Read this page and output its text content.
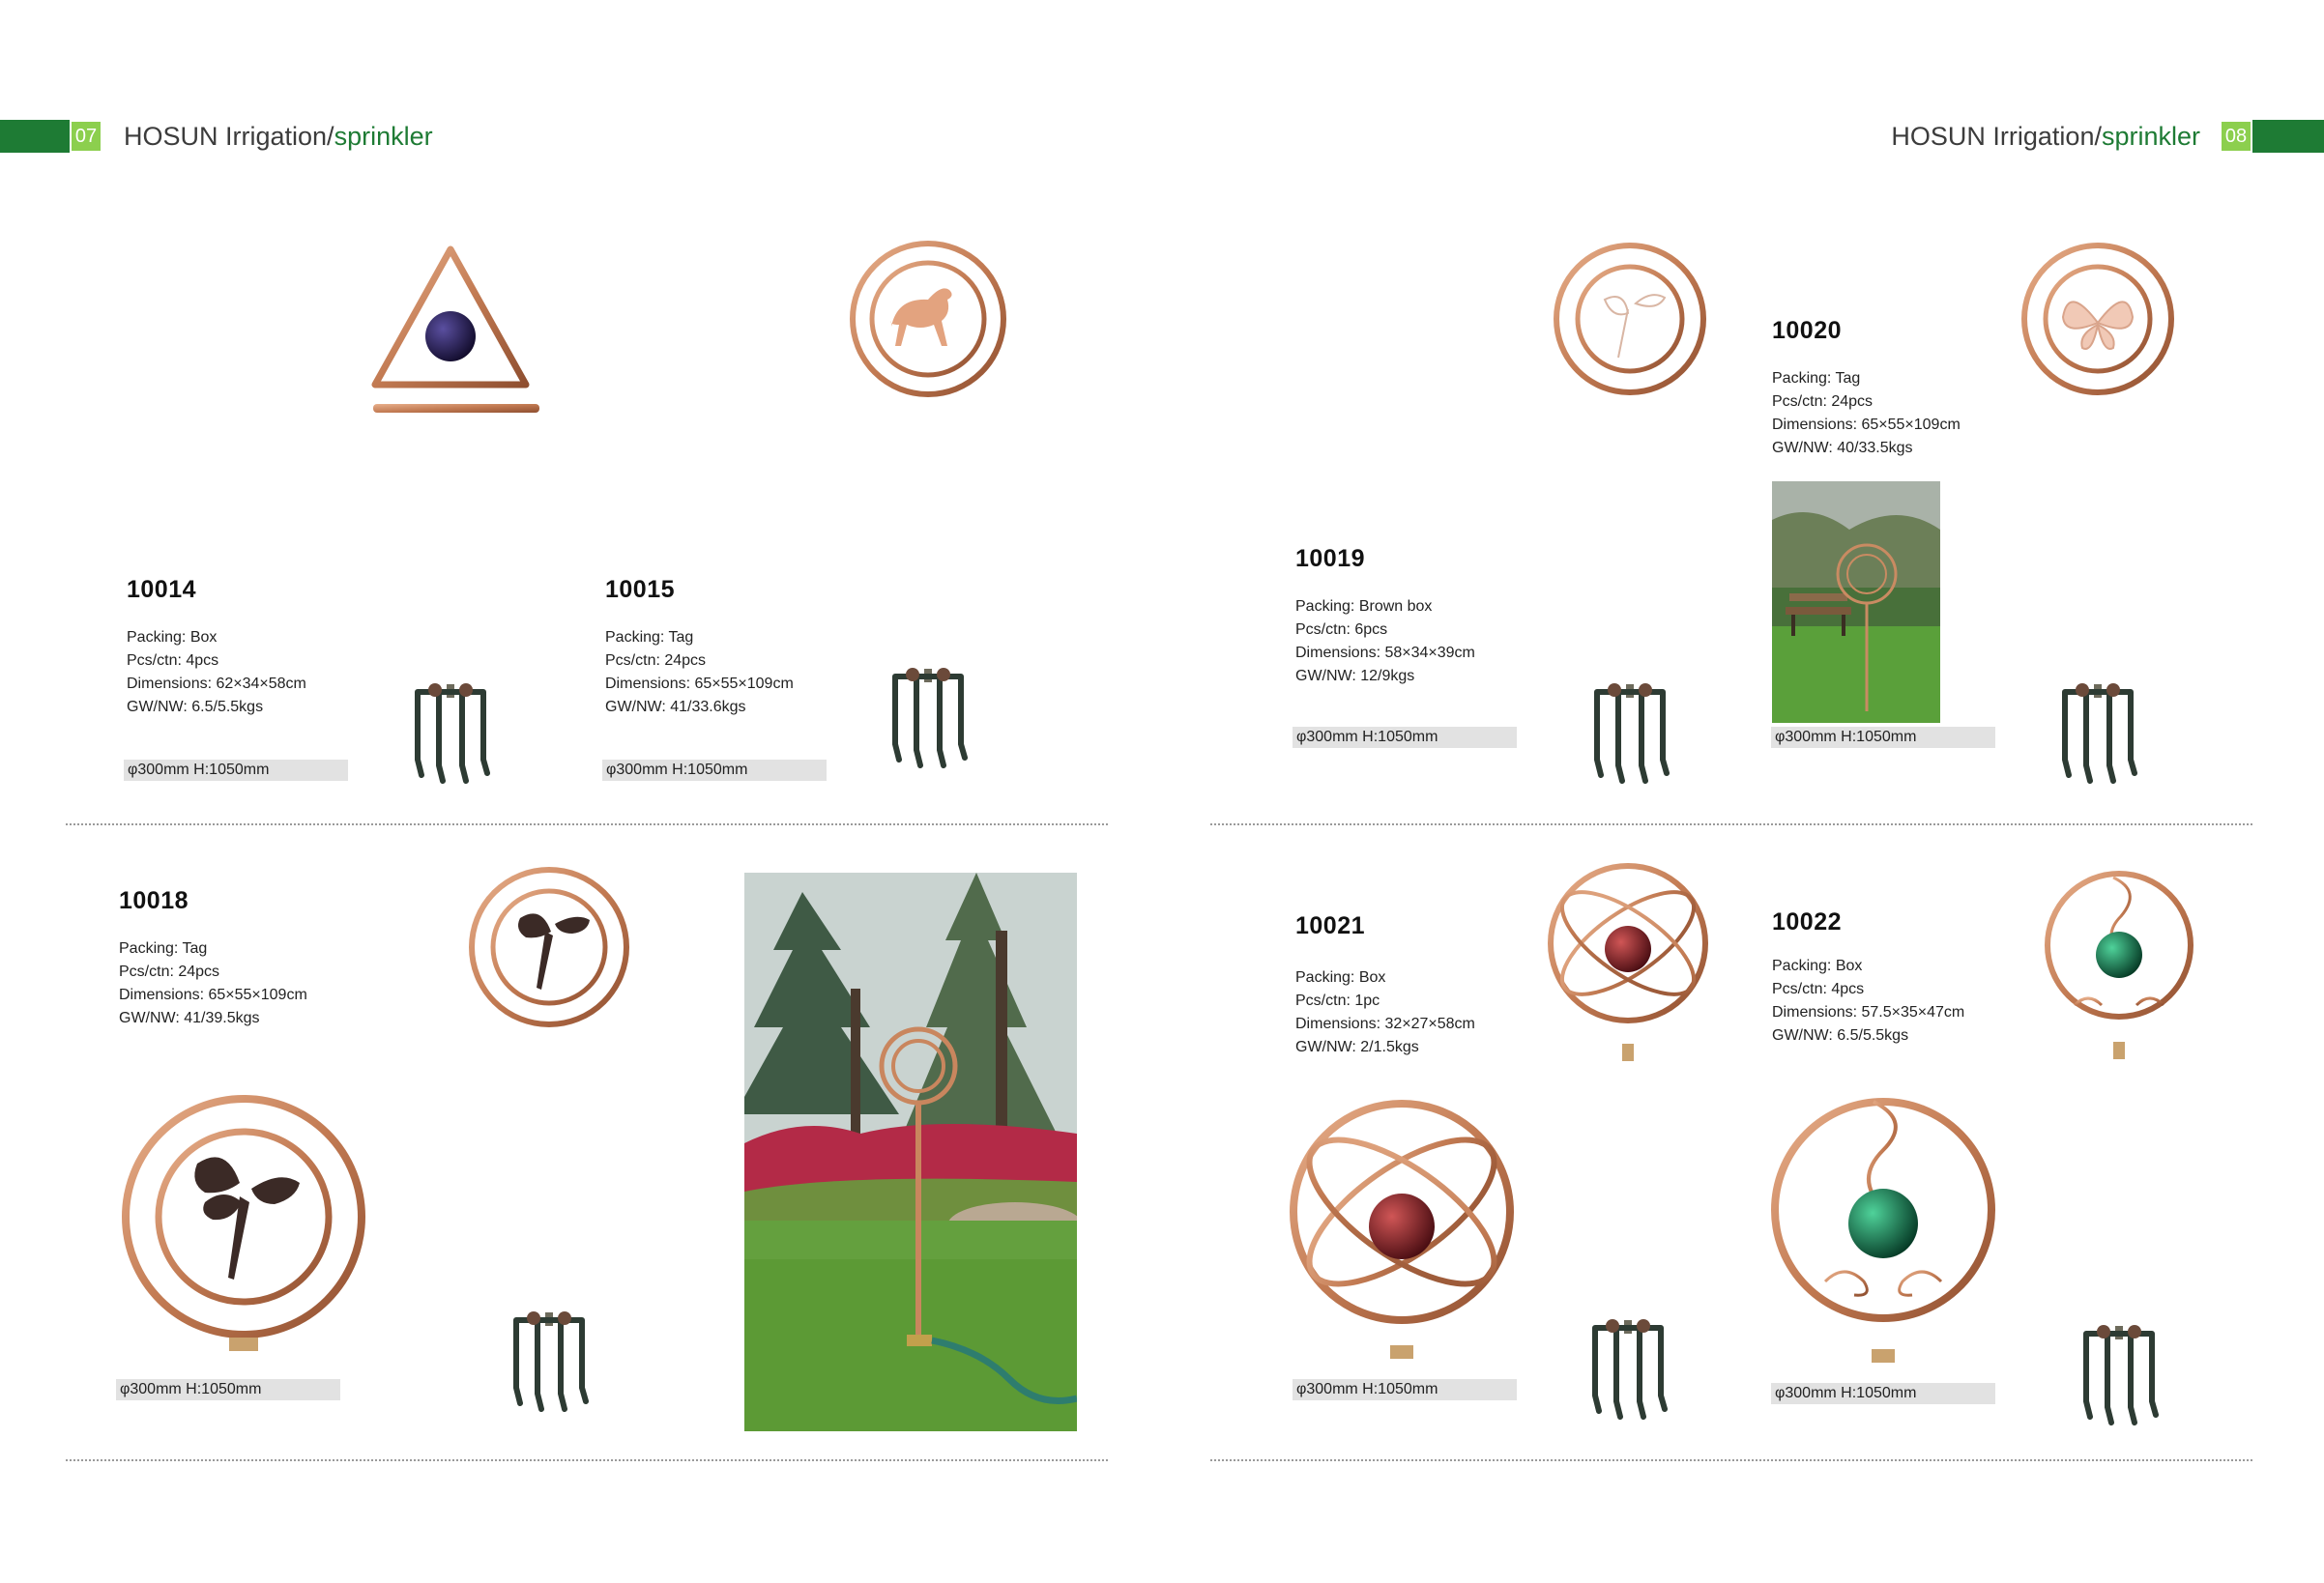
07 HOSUN Irrigation/sprinkler	HOSUN Irrigation/sprinkler 08
10014
Packing: Box
Pcs/ctn: 4pcs
Dimensions: 62×34×58cm
GW/NW: 6.5/5.5kgs
φ300mm H:1050mm
10015
Packing: Tag
Pcs/ctn: 24pcs
Dimensions: 65×55×109cm
GW/NW: 41/33.6kgs
φ300mm H:1050mm
10018
Packing: Tag
Pcs/ctn: 24pcs
Dimensions: 65×55×109cm
GW/NW: 41/39.5kgs
φ300mm H:1050mm
10019
Packing: Brown box
Pcs/ctn: 6pcs
Dimensions: 58×34×39cm
GW/NW: 12/9kgs
φ300mm H:1050mm
10020
Packing: Tag
Pcs/ctn: 24pcs
Dimensions: 65×55×109cm
GW/NW: 40/33.5kgs
φ300mm H:1050mm
10021
Packing: Box
Pcs/ctn: 1pc
Dimensions: 32×27×58cm
GW/NW: 2/1.5kgs
φ300mm H:1050mm
10022
Packing: Box
Pcs/ctn: 4pcs
Dimensions: 57.5×35×47cm
GW/NW: 6.5/5.5kgs
φ300mm H:1050mm
